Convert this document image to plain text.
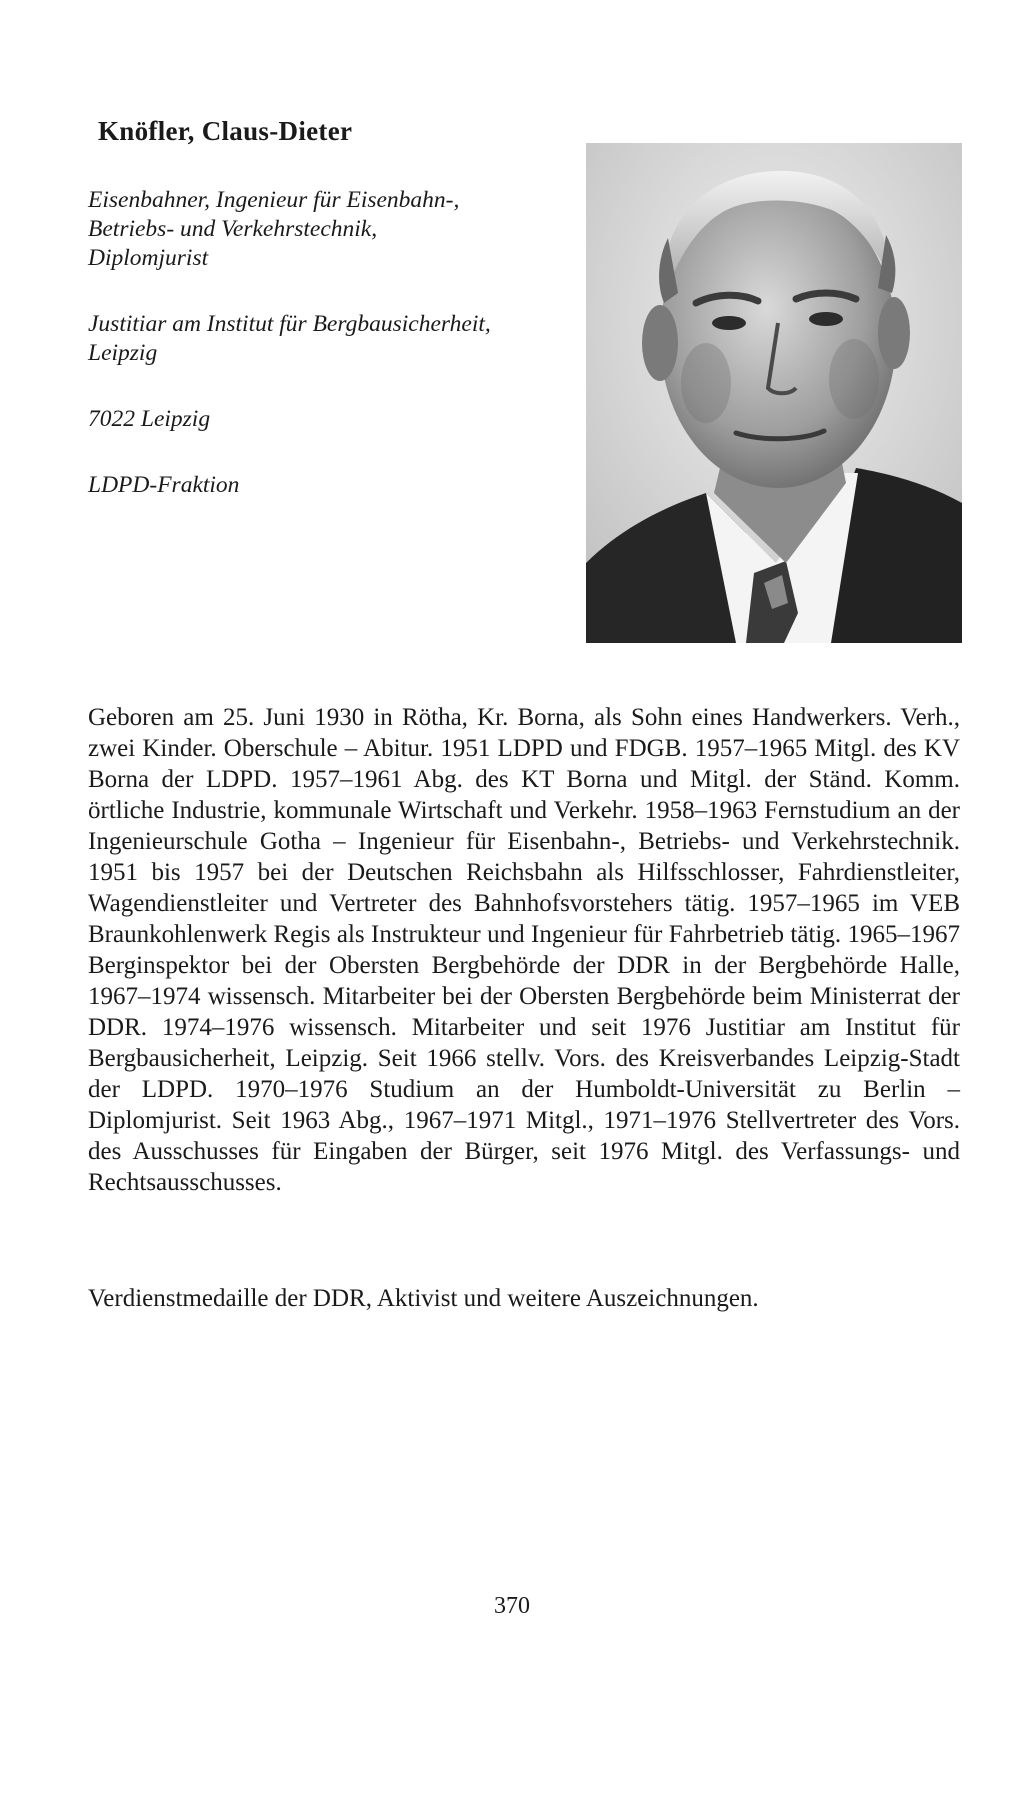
Knöfler, Claus-Dieter

Eisenbahner, Ingenieur für Eisenbahn-, Betriebs- und Verkehrstechnik, Diplomjurist

Justitiar am Institut für Bergbausicherheit, Leipzig

7022 Leipzig

LDPD-Fraktion

Geboren am 25. Juni 1930 in Rötha, Kr. Borna, als Sohn eines Handwerkers. Verh., zwei Kinder. Oberschule – Abitur. 1951 LDPD und FDGB. 1957–1965 Mitgl. des KV Borna der LDPD. 1957–1961 Abg. des KT Borna und Mitgl. der Ständ. Komm. örtliche Industrie, kommunale Wirtschaft und Verkehr. 1958–1963 Fernstudium an der Ingenieurschule Gotha – Ingenieur für Eisenbahn-, Betriebs- und Verkehrstechnik. 1951 bis 1957 bei der Deutschen Reichsbahn als Hilfsschlosser, Fahrdienstleiter, Wagendienstleiter und Vertreter des Bahnhofsvorstehers tätig. 1957–1965 im VEB Braunkohlenwerk Regis als Instrukteur und Ingenieur für Fahrbetrieb tätig. 1965–1967 Berginspektor bei der Obersten Bergbehörde der DDR in der Bergbehörde Halle, 1967–1974 wissensch. Mitarbeiter bei der Obersten Bergbehörde beim Ministerrat der DDR. 1974–1976 wissensch. Mitarbeiter und seit 1976 Justitiar am Institut für Bergbausicherheit, Leipzig. Seit 1966 stellv. Vors. des Kreisverbandes Leipzig-Stadt der LDPD. 1970–1976 Studium an der Humboldt-Universität zu Berlin – Diplomjurist. Seit 1963 Abg., 1967–1971 Mitgl., 1971–1976 Stellvertreter des Vors. des Ausschusses für Eingaben der Bürger, seit 1976 Mitgl. des Verfassungs- und Rechtsausschusses.

Verdienstmedaille der DDR, Aktivist und weitere Auszeichnungen.

370
